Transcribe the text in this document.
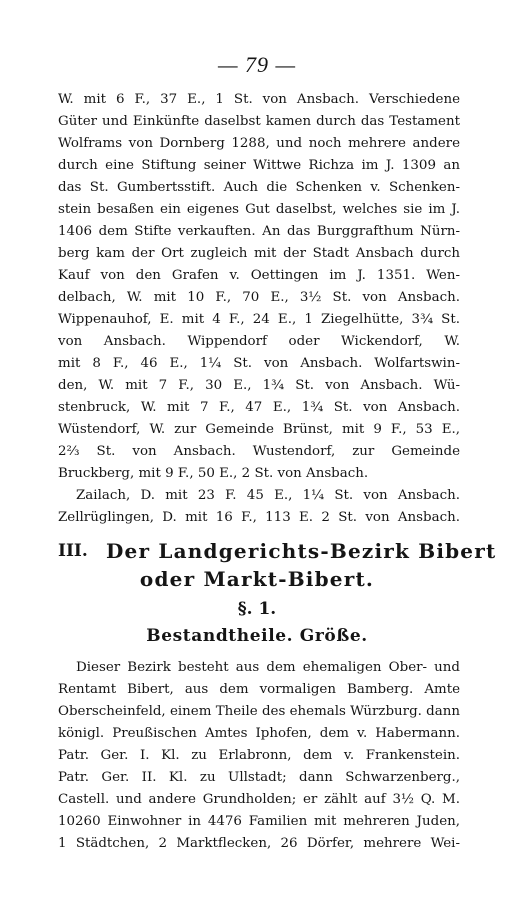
— 79 —
W. mit 6 F., 37 E., 1 St. von Ansbach. Verschiedene
Güter und Einkünfte daselbst kamen durch das Testament
Wolframs von Dornberg 1288, und noch mehrere andere
durch eine Stiftung seiner Wittwe Richza im J. 1309 an
das St. Gumbertsstift. Auch die Schenken v. Schenken-
stein besaßen ein eigenes Gut daselbst, welches sie im J.
1406 dem Stifte verkauften. An das Burggrafthum Nürn-
berg kam der Ort zugleich mit der Stadt Ansbach durch
Kauf von den Grafen v. Oettingen im J. 1351. Wen-
delbach, W. mit 10 F., 70 E., 3½ St. von Ansbach.
Wippenauhof, E. mit 4 F., 24 E., 1 Ziegelhütte, 3¾ St.
von Ansbach. Wippendorf oder Wickendorf, W.
mit 8 F., 46 E., 1¼ St. von Ansbach. Wolfartswin-
den, W. mit 7 F., 30 E., 1¾ St. von Ansbach. Wü-
stenbruck, W. mit 7 F., 47 E., 1¾ St. von Ansbach.
Wüstendorf, W. zur Gemeinde Brünst, mit 9 F., 53 E.,
2⅔ St. von Ansbach. Wustendorf, zur Gemeinde
Bruckberg, mit 9 F., 50 E., 2 St. von Ansbach.
Zailach, D. mit 23 F. 45 E., 1¼ St. von Ansbach.
Zellrüglingen, D. mit 16 F., 113 E. 2 St. von Ansbach.
III. Der Landgerichts-Bezirk Bibert
oder Markt-Bibert.
§. 1.
Bestandtheile. Größe.
Dieser Bezirk besteht aus dem ehemaligen Ober- und
Rentamt Bibert, aus dem vormaligen Bamberg. Amte
Oberscheinfeld, einem Theile des ehemals Würzburg. dann
königl. Preußischen Amtes Iphofen, dem v. Habermann.
Patr. Ger. I. Kl. zu Erlabronn, dem v. Frankenstein.
Patr. Ger. II. Kl. zu Ullstadt; dann Schwarzenberg.,
Castell. und andere Grundholden; er zählt auf 3½ Q. M.
10260 Einwohner in 4476 Familien mit mehreren Juden,
1 Städtchen, 2 Marktflecken, 26 Dörfer, mehrere Wei-
